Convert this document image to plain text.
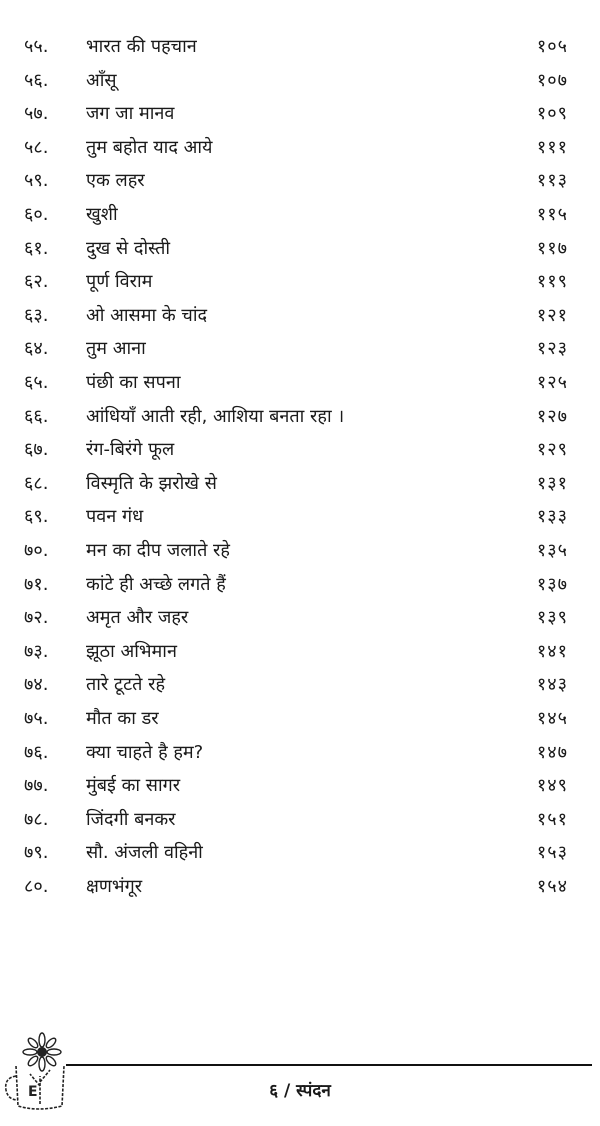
५५. भारत की पहचान	१०५
५६. आँसू	१०७
५७. जग जा मानव	१०९
५८. तुम बहोत याद आये	१११
५९. एक लहर	११३
६०. खुशी	११५
६१. दुख से दोस्ती	११७
६२. पूर्ण विराम	११९
६३. ओ आसमा के चांद	१२१
६४. तुम आना	१२३
६५. पंछी का सपना	१२५
६६. आंधियाँ आती रही, आशिया बनता रहा ।	१२७
६७. रंग-बिरंगे फूल	१२९
६८. विस्मृति के झरोखे से	१३१
६९. पवन गंध	१३३
७०. मन का दीप जलाते रहे	१३५
७१. कांटे ही अच्छे लगते हैं	१३७
७२. अमृत और जहर	१३९
७३. झूठा अभिमान	१४१
७४. तारे टूटते रहे	१४३
७५. मौत का डर	१४५
७६. क्या चाहते है हम?	१४७
७७. मुंबई का सागर	१४९
७८. जिंदगी बनकर	१५१
७९. सौ. अंजली वहिनी	१५३
८०. क्षणभंगूर	१५४
E	६ / स्पंदन
